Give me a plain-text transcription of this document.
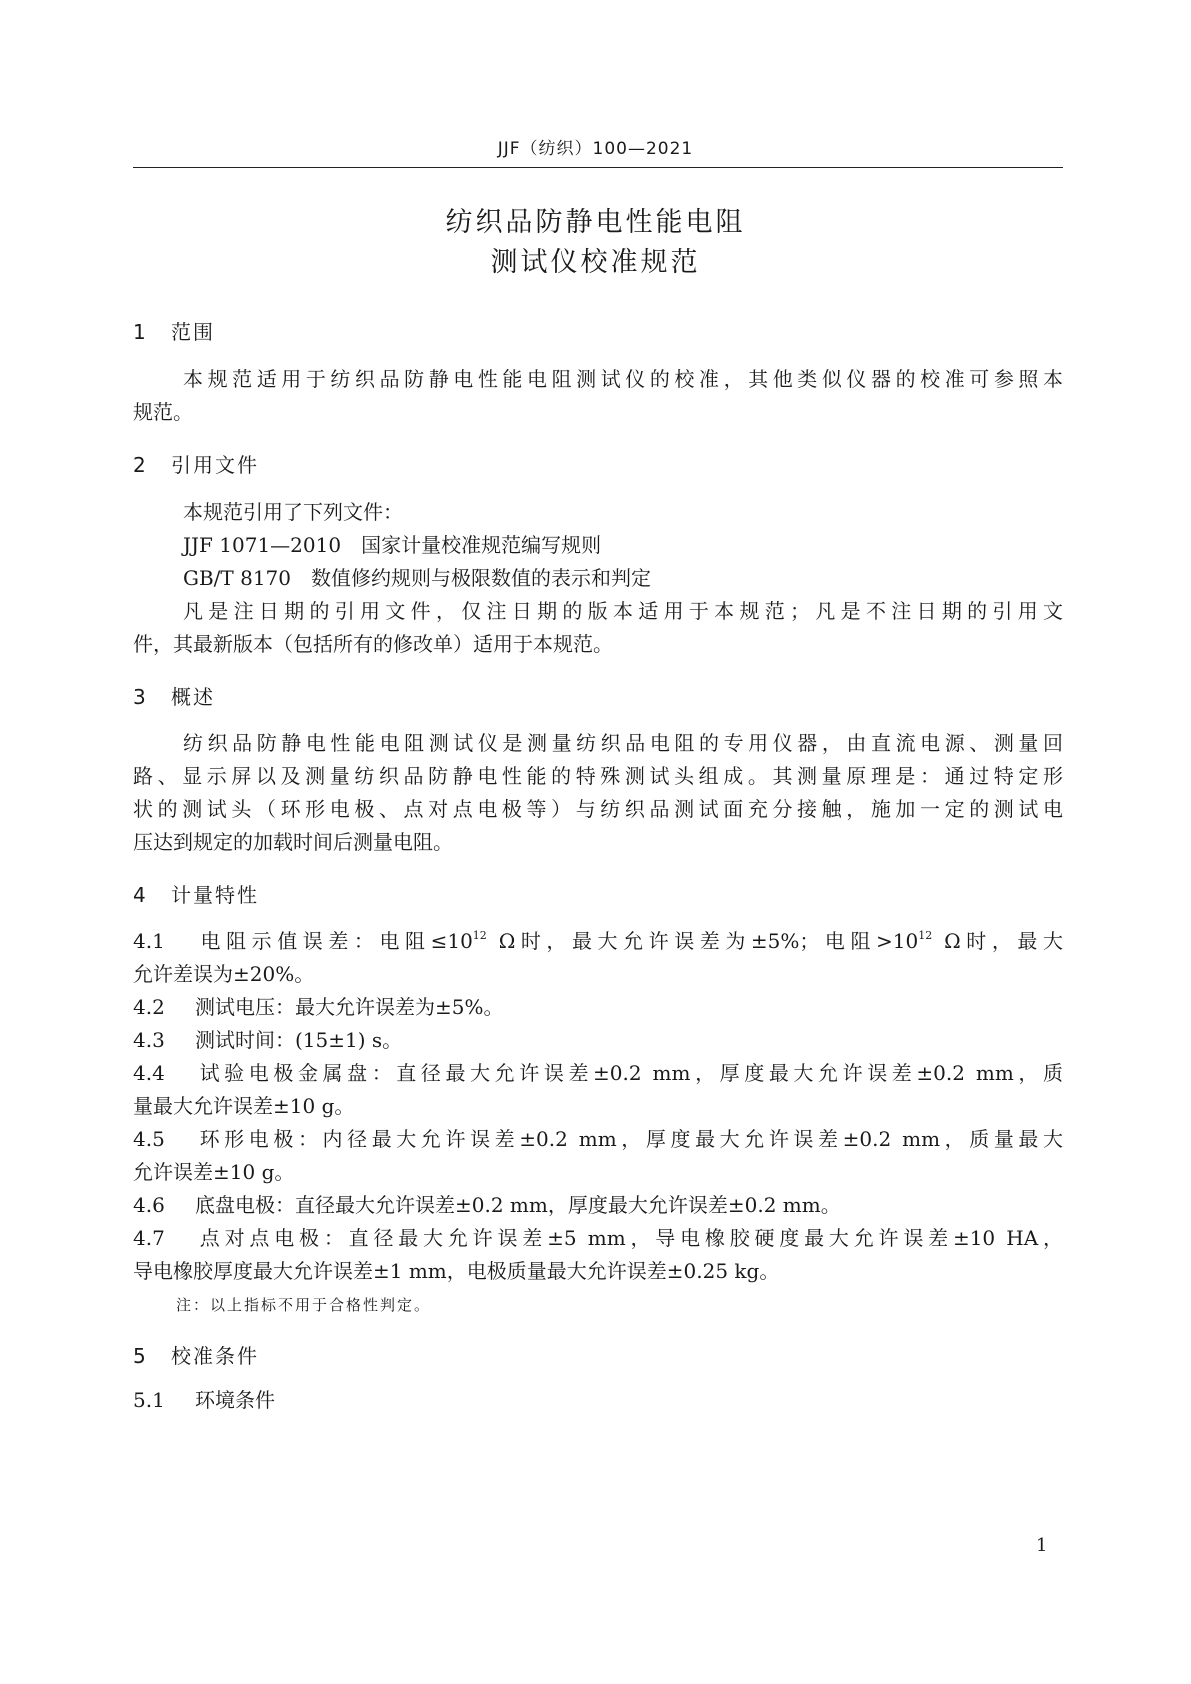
JJF（纺织）100—2021
纺织品防静电性能电阻
测试仪校准规范
1 范围
本规范适用于纺织品防静电性能电阻测试仪的校准，其他类似仪器的校准可参照本
规范。
2 引用文件
本规范引用了下列文件：
JJF 1071—2010　国家计量校准规范编写规则
GB/T 8170　数值修约规则与极限数值的表示和判定
凡是注日期的引用文件，仅注日期的版本适用于本规范；凡是不注日期的引用文
件，其最新版本（包括所有的修改单）适用于本规范。
3 概述
纺织品防静电性能电阻测试仪是测量纺织品电阻的专用仪器，由直流电源、测量回
路、显示屏以及测量纺织品防静电性能的特殊测试头组成。其测量原理是：通过特定形
状的测试头（环形电极、点对点电极等）与纺织品测试面充分接触，施加一定的测试电
压达到规定的加载时间后测量电阻。
4 计量特性
4.1 电阻示值误差：电阻$\le 10^{12}$ Ω时，最大允许误差为±5%；电阻$>10^{12}$ Ω时，最大
允许差误为±20%。
4.2 测试电压：最大允许误差为±5%。
4.3 测试时间：(15±1) s。
4.4 试验电极金属盘：直径最大允许误差±0.2 mm，厚度最大允许误差±0.2 mm，质
量最大允许误差±10 g。
4.5 环形电极：内径最大允许误差±0.2 mm，厚度最大允许误差±0.2 mm，质量最大
允许误差±10 g。
4.6 底盘电极：直径最大允许误差±0.2 mm，厚度最大允许误差±0.2 mm。
4.7 点对点电极：直径最大允许误差±5 mm，导电橡胶硬度最大允许误差±10 HA，
导电橡胶厚度最大允许误差±1 mm，电极质量最大允许误差±0.25 kg。
注：以上指标不用于合格性判定。
5 校准条件
5.1 环境条件
1
